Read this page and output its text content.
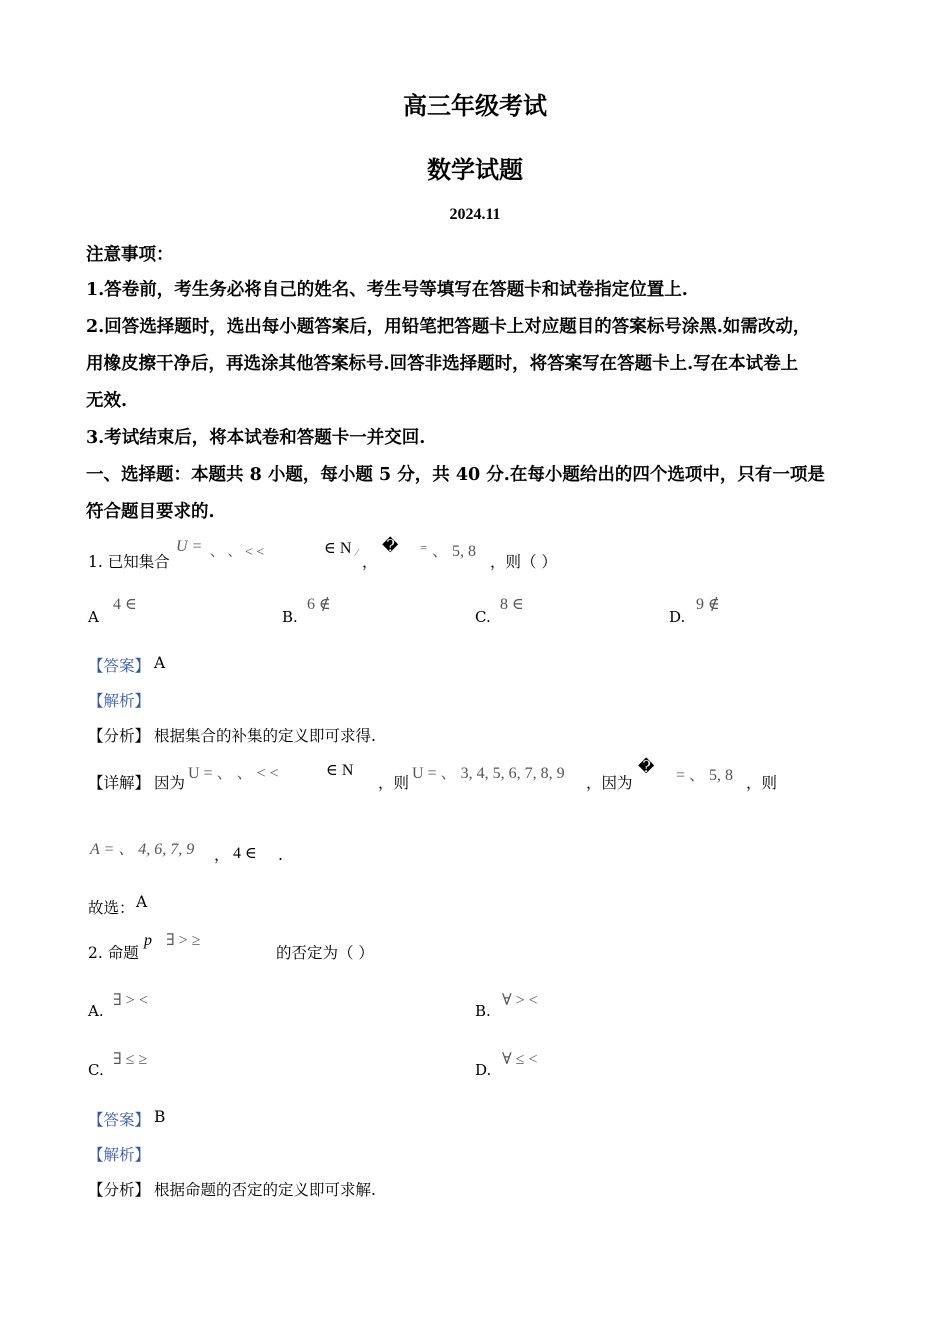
高三年级考试
数学试题
2024.11
注意事项：
1.答卷前，考生务必将自己的姓名、考生号等填写在答题卡和试卷指定位置上.
2.回答选择题时，选出每小题答案后，用铅笔把答题卡上对应题目的答案标号涂黑.如需改动，
用橡皮擦干净后，再选涂其他答案标号.回答非选择题时，将答案写在答题卡上.写在本试卷上
无效.
3.考试结束后，将本试卷和答题卡一并交回.
一、选择题：本题共 8 小题，每小题 5 分，共 40 分.在每小题给出的四个选项中，只有一项是
符合题目要求的.
1. 已知集合
U = 、 、 < <	∈ N ⁄ ，
� = 、 5, 8
，则（ ）
A
4 ∈
B.
6 ∉
C.
8 ∈
D.
9 ∉
【答案】 A
【解析】
【分析】 根据集合的补集的定义即可求得.
【详解】 因为
U = 、 、 < <	∈ N
，则
U = 、 3, 4, 5, 6, 7, 8, 9
，因为
� = 、 5, 8 ，则
A = 、 4, 6, 7, 9 ， 4 ∈ .
故选： A
2. 命题
p ∃ > ≥
的否定为（ ）
A.
∃ > <
B.
∀ > <
C.
∃ ≤ ≥
D.
∀ ≤ <
【答案】 B
【解析】
【分析】 根据命题的否定的定义即可求解.
